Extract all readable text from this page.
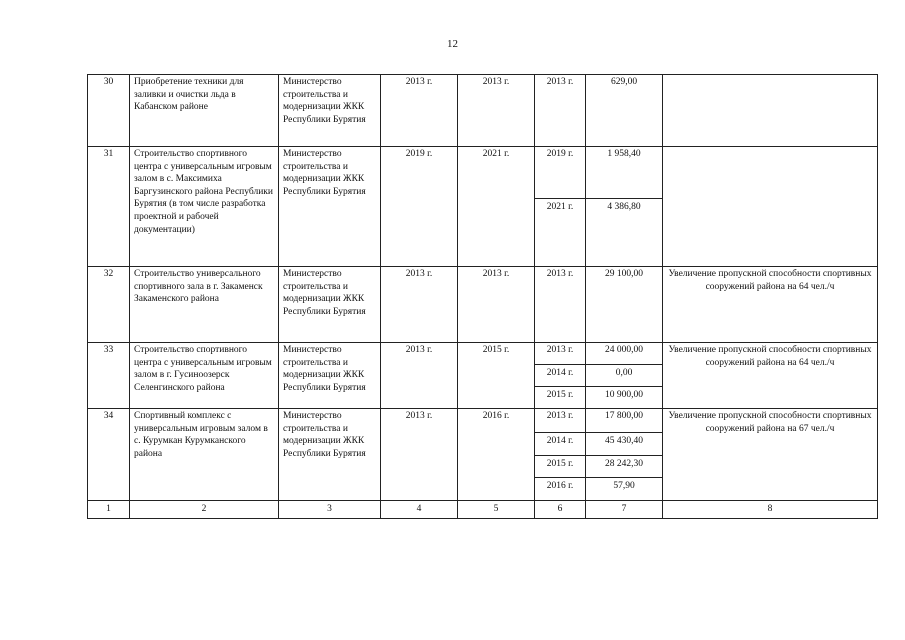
12
30	Приобретение техники для заливки и очистки льда в Кабанском районе	Министерство строительства и модернизации ЖКК Республики Бурятия	2013 г.	2013 г.	2013 г.	629,00	
31	Строительство спортивного центра с универсальным игровым залом в с. Максимиха Баргузинского района Республики Бурятия (в том числе разработка проектной и рабочей документации)	Министерство строительства и модернизации ЖКК Республики Бурятия	2019 г.	2021 г.	2019 г.	1 958,40	
					2021 г.	4 386,80	
32	Строительство универсального спортивного зала в г. Закаменск Закаменского района	Министерство строительства и модернизации ЖКК Республики Бурятия	2013 г.	2013 г.	2013 г.	29 100,00	Увеличение пропускной способности спортивных сооружений района на 64 чел./ч
33	Строительство спортивного центра с универсальным игровым залом в г. Гусиноозерск Селенгинского района	Министерство строительства и модернизации ЖКК Республики Бурятия	2013 г.	2015 г.	2013 г.	24 000,00	Увеличение пропускной способности спортивных сооружений района на 64 чел./ч
					2014 г.	0,00	
					2015 г.	10 900,00	
34	Спортивный комплекс с универсальным игровым залом в с. Курумкан Курумканского района	Министерство строительства и модернизации ЖКК Республики Бурятия	2013 г.	2016 г.	2013 г.	17 800,00	Увеличение пропускной способности спортивных сооружений района на 67 чел./ч
					2014 г.	45 430,40	
					2015 г.	28 242,30	
					2016 г.	57,90	
1	2	3	4	5	6	7	8
